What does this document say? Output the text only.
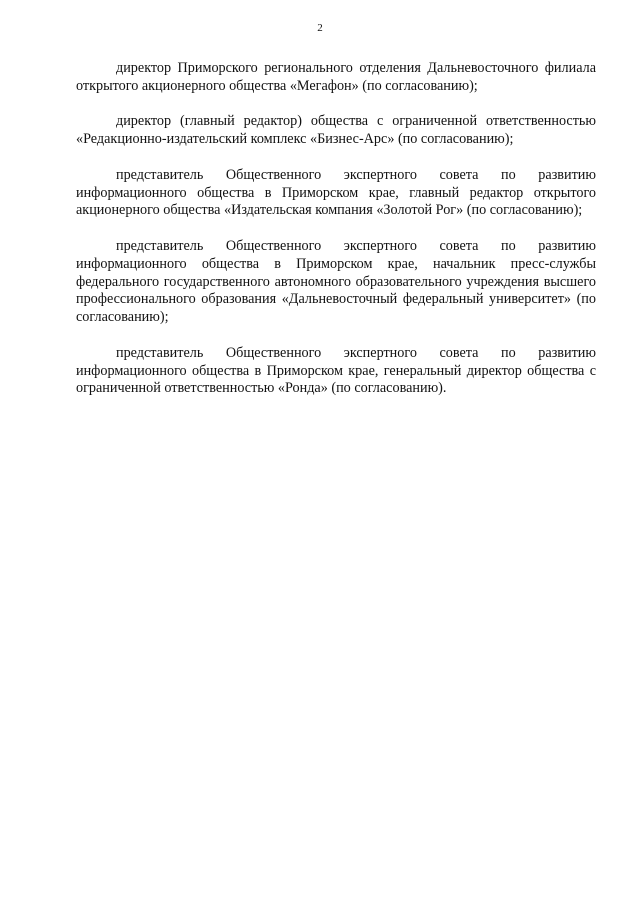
2

директор Приморского регионального отделения Дальневосточного филиала открытого акционерного общества «Мегафон» (по согласованию);

директор (главный редактор) общества с ограниченной ответственностью «Редакционно-издательский комплекс «Бизнес-Арс» (по согласованию);

представитель Общественного экспертного совета по развитию информационного общества в Приморском крае, главный редактор открытого акционерного общества «Издательская компания «Золотой Рог» (по согласованию);

представитель Общественного экспертного совета по развитию информационного общества в Приморском крае, начальник пресс-службы федерального государственного автономного образовательного учреждения высшего профессионального образования «Дальневосточный федеральный университет» (по согласованию);

представитель Общественного экспертного совета по развитию информационного общества в Приморском крае, генеральный директор общества с ограниченной ответственностью «Ронда» (по согласованию).
